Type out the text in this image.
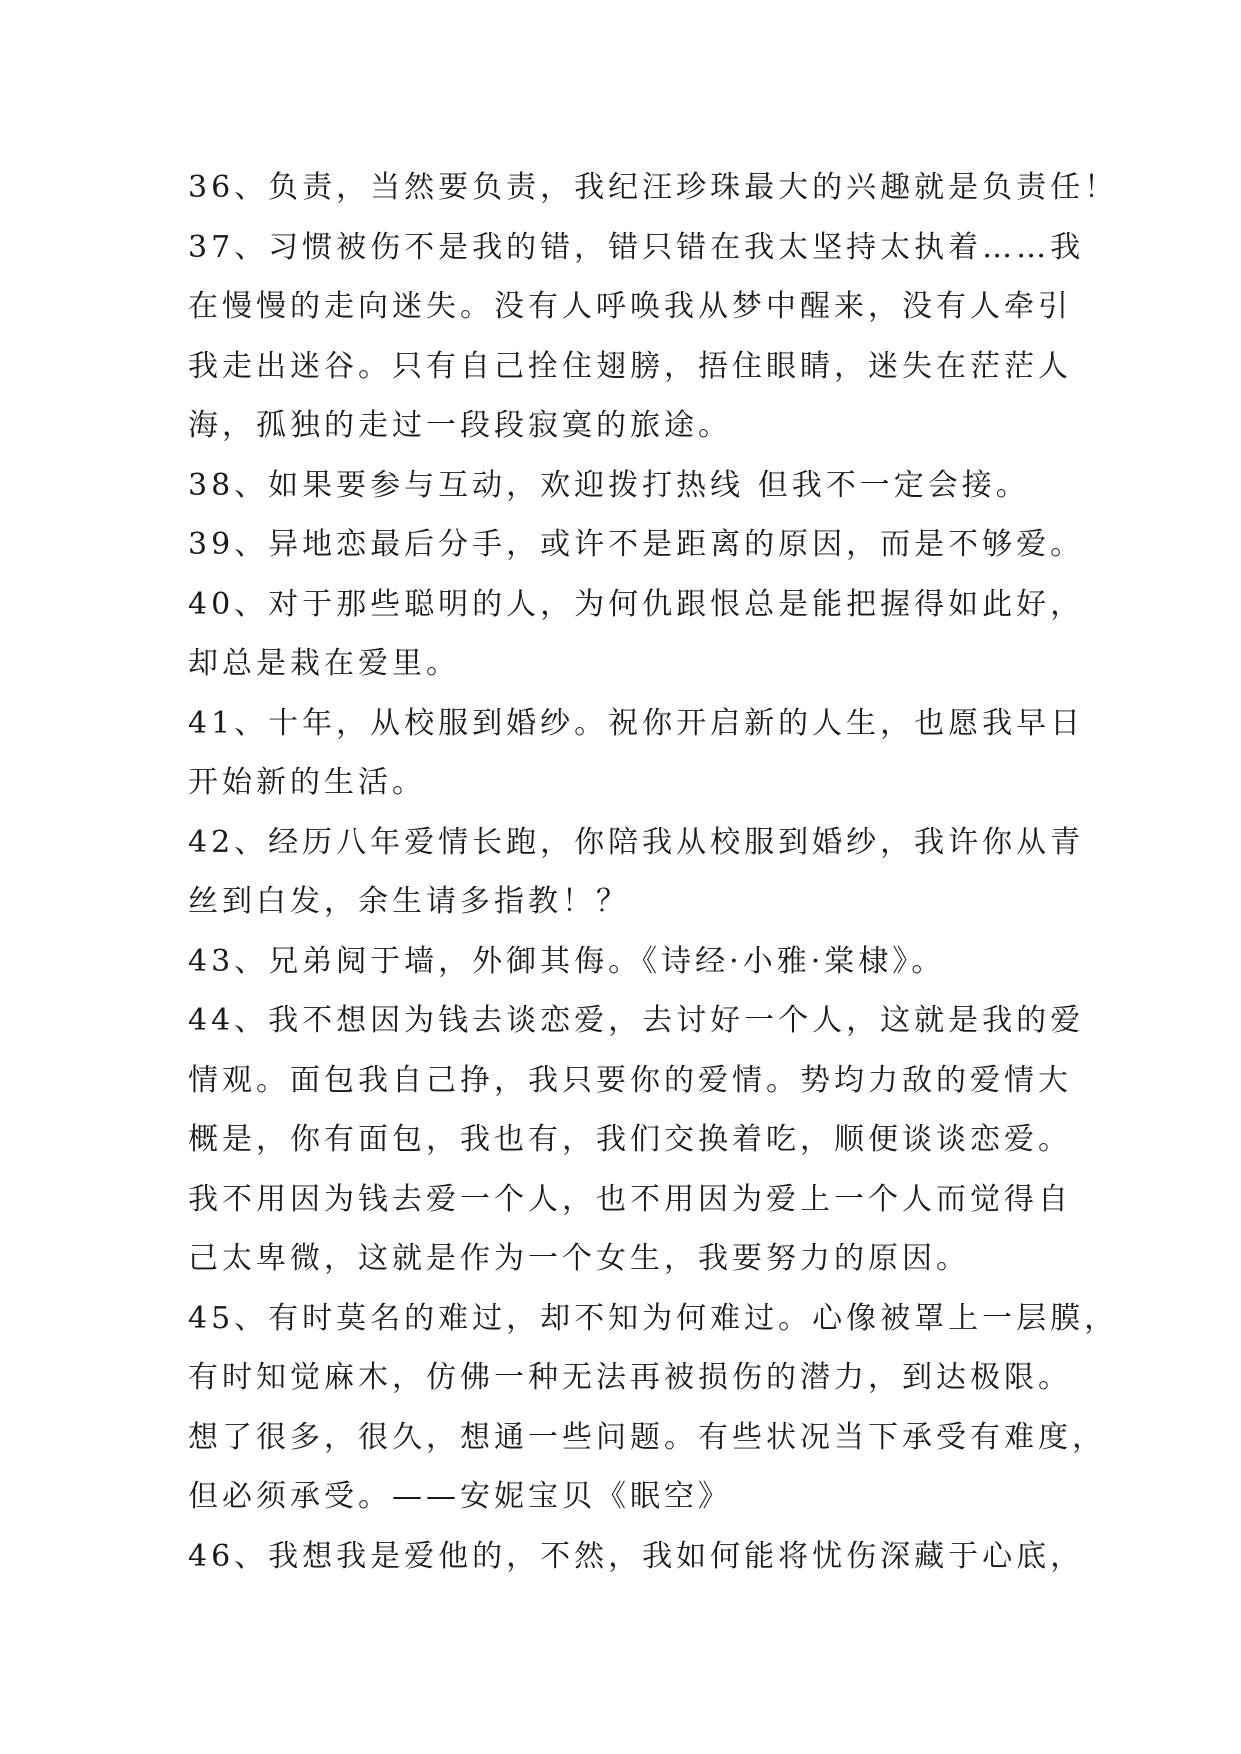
36、负责，当然要负责，我纪汪珍珠最大的兴趣就是负责任！
37、习惯被伤不是我的错，错只错在我太坚持太执着……我
在慢慢的走向迷失。没有人呼唤我从梦中醒来，没有人牵引
我走出迷谷。只有自己拴住翅膀，捂住眼睛，迷失在茫茫人
海，孤独的走过一段段寂寞的旅途。
38、如果要参与互动，欢迎拨打热线 但我不一定会接。
39、异地恋最后分手，或许不是距离的原因，而是不够爱。
40、对于那些聪明的人，为何仇跟恨总是能把握得如此好，
却总是栽在爱里。
41、十年，从校服到婚纱。祝你开启新的人生，也愿我早日
开始新的生活。
42、经历八年爱情长跑，你陪我从校服到婚纱，我许你从青
丝到白发，余生请多指教！？
43、兄弟阋于墙，外御其侮。《诗经·小雅·棠棣》。
44、我不想因为钱去谈恋爱，去讨好一个人，这就是我的爱
情观。面包我自己挣，我只要你的爱情。势均力敌的爱情大
概是，你有面包，我也有，我们交换着吃，顺便谈谈恋爱。
我不用因为钱去爱一个人，也不用因为爱上一个人而觉得自
己太卑微，这就是作为一个女生，我要努力的原因。
45、有时莫名的难过，却不知为何难过。心像被罩上一层膜，
有时知觉麻木，仿佛一种无法再被损伤的潜力，到达极限。
想了很多，很久，想通一些问题。有些状况当下承受有难度，
但必须承受。——安妮宝贝《眠空》
46、我想我是爱他的，不然，我如何能将忧伤深藏于心底，
